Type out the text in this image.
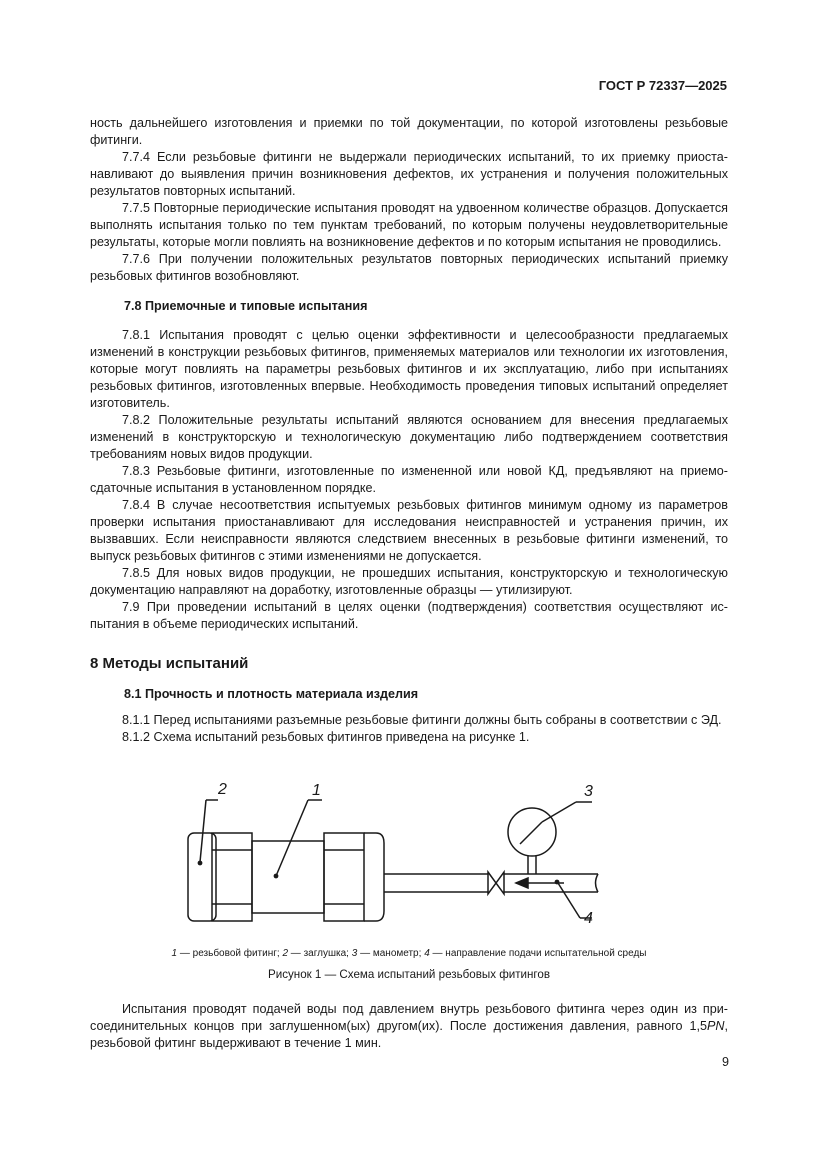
ГОСТ Р 72337—2025

ность дальнейшего изготовления и приемки по той документации, по которой изготовлены резьбовые фитинги.

7.7.4 Если резьбовые фитинги не выдержали периодических испытаний, то их приемку приостанавливают до выявления причин возникновения дефектов, их устранения и получения положительных результатов повторных испытаний.

7.7.5 Повторные периодические испытания проводят на удвоенном количестве образцов. Допускается выполнять испытания только по тем пунктам требований, по которым получены неудовлетворительные результаты, которые могли повлиять на возникновение дефектов и по которым испытания не проводились.

7.7.6 При получении положительных результатов повторных периодических испытаний приемку резьбовых фитингов возобновляют.

7.8 Приемочные и типовые испытания

7.8.1 Испытания проводят с целью оценки эффективности и целесообразности предлагаемых изменений в конструкции резьбовых фитингов, применяемых материалов или технологии их изготовления, которые могут повлиять на параметры резьбовых фитингов и их эксплуатацию, либо при испытаниях резьбовых фитингов, изготовленных впервые. Необходимость проведения типовых испытаний определяет изготовитель.

7.8.2 Положительные результаты испытаний являются основанием для внесения предлагаемых изменений в конструкторскую и технологическую документацию либо подтверждением соответствия требованиям новых видов продукции.

7.8.3 Резьбовые фитинги, изготовленные по измененной или новой КД, предъявляют на приемосдаточные испытания в установленном порядке.

7.8.4 В случае несоответствия испытуемых резьбовых фитингов минимум одному из параметров проверки испытания приостанавливают для исследования неисправностей и устранения причин, их вызвавших. Если неисправности являются следствием внесенных в резьбовые фитинги изменений, то выпуск резьбовых фитингов с этими изменениями не допускается.

7.8.5 Для новых видов продукции, не прошедших испытания, конструкторскую и технологическую документацию направляют на доработку, изготовленные образцы — утилизируют.

7.9 При проведении испытаний в целях оценки (подтверждения) соответствия осуществляют испытания в объеме периодических испытаний.

8 Методы испытаний

8.1 Прочность и плотность материала изделия

8.1.1 Перед испытаниями разъемные резьбовые фитинги должны быть собраны в соответствии с ЭД.

8.1.2 Схема испытаний резьбовых фитингов приведена на рисунке 1.

2	1	3
4
1 — резьбовой фитинг; 2 — заглушка; 3 — манометр; 4 — направление подачи испытательной среды
Рисунок 1 — Схема испытаний резьбовых фитингов

Испытания проводят подачей воды под давлением внутрь резьбового фитинга через один из присоединительных концов при заглушенном(ых) другом(их). После достижения давления, равного 1,5PN, резьбовой фитинг выдерживают в течение 1 мин.

9
